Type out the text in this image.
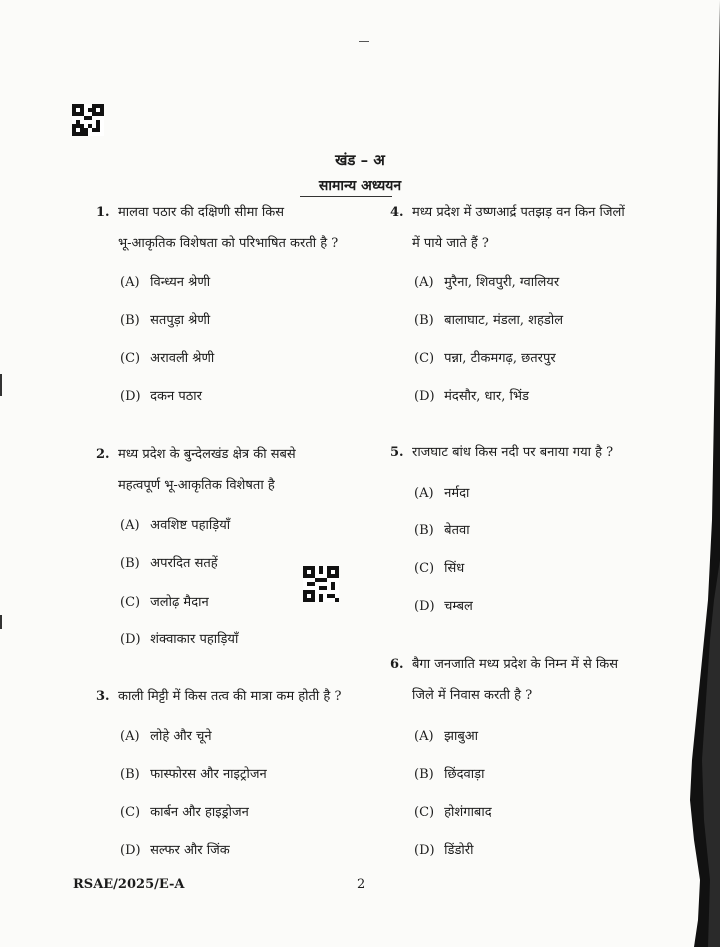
खंड – अ
सामान्य अध्ययन
1. मालवा पठार की दक्षिणी सीमा किस
भू-आकृतिक विशेषता को परिभाषित करती है ?
(A) विन्ध्यन श्रेणी
(B) सतपुड़ा श्रेणी
(C) अरावली श्रेणी
(D) दकन पठार
2. मध्य प्रदेश के बुन्देलखंड क्षेत्र की सबसे
महत्वपूर्ण भू-आकृतिक विशेषता है
(A) अवशिष्ट पहाड़ियाँ
(B) अपरदित सतहें
(C) जलोढ़ मैदान
(D) शंक्वाकार पहाड़ियाँ
3. काली मिट्टी में किस तत्व की मात्रा कम होती है ?
(A) लोहे और चूने
(B) फास्फोरस और नाइट्रोजन
(C) कार्बन और हाइड्रोजन
(D) सल्फर और जिंक
4. मध्य प्रदेश में उष्णआर्द्र पतझड़ वन किन जिलों
में पाये जाते हैं ?
(A) मुरैना, शिवपुरी, ग्वालियर
(B) बालाघाट, मंडला, शहडोल
(C) पन्ना, टीकमगढ़, छतरपुर
(D) मंदसौर, धार, भिंड
5. राजघाट बांध किस नदी पर बनाया गया है ?
(A) नर्मदा
(B) बेतवा
(C) सिंध
(D) चम्बल
6. बैगा जनजाति मध्य प्रदेश के निम्न में से किस
जिले में निवास करती है ?
(A) झाबुआ
(B) छिंदवाड़ा
(C) होशंगाबाद
(D) डिंडोरी
RSAE/2025/E-A	2
